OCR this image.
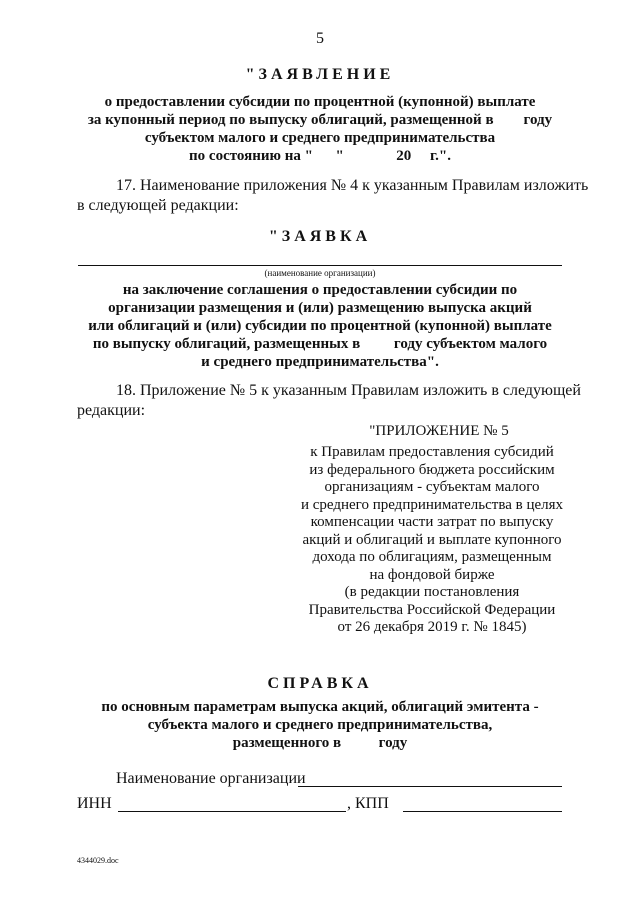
5
"ЗАЯВЛЕНИЕ
о предоставлении субсидии по процентной (купонной) выплате
за купонный период по выпуску облигаций, размещенной в        году
субъектом малого и среднего предпринимательства
по состоянию на "      "              20     г.".
17. Наименование приложения № 4 к указанным Правилам изложить
в следующей редакции:
"ЗАЯВКА
(наименование организации)
на заключение соглашения о предоставлении субсидии по
организации размещения и (или) размещению выпуска акций
или облигаций и (или) субсидии по процентной (купонной) выплате
по выпуску облигаций, размещенных в         году субъектом малого
и среднего предпринимательства".
18. Приложение № 5 к указанным Правилам изложить в следующей
редакции:
"ПРИЛОЖЕНИЕ № 5
к Правилам предоставления субсидий
из федерального бюджета российским
организациям - субъектам малого
и среднего предпринимательства в целях
компенсации части затрат по выпуску
акций и облигаций и выплате купонного
дохода по облигациям, размещенным
на фондовой бирже
(в редакции постановления
Правительства Российской Федерации
от 26 декабря 2019 г. № 1845)
СПРАВКА
по основным параметрам выпуска акций, облигаций эмитента -
субъекта малого и среднего предпринимательства,
размещенного в          году
Наименование организации
ИНН	, КПП
4344029.doc
